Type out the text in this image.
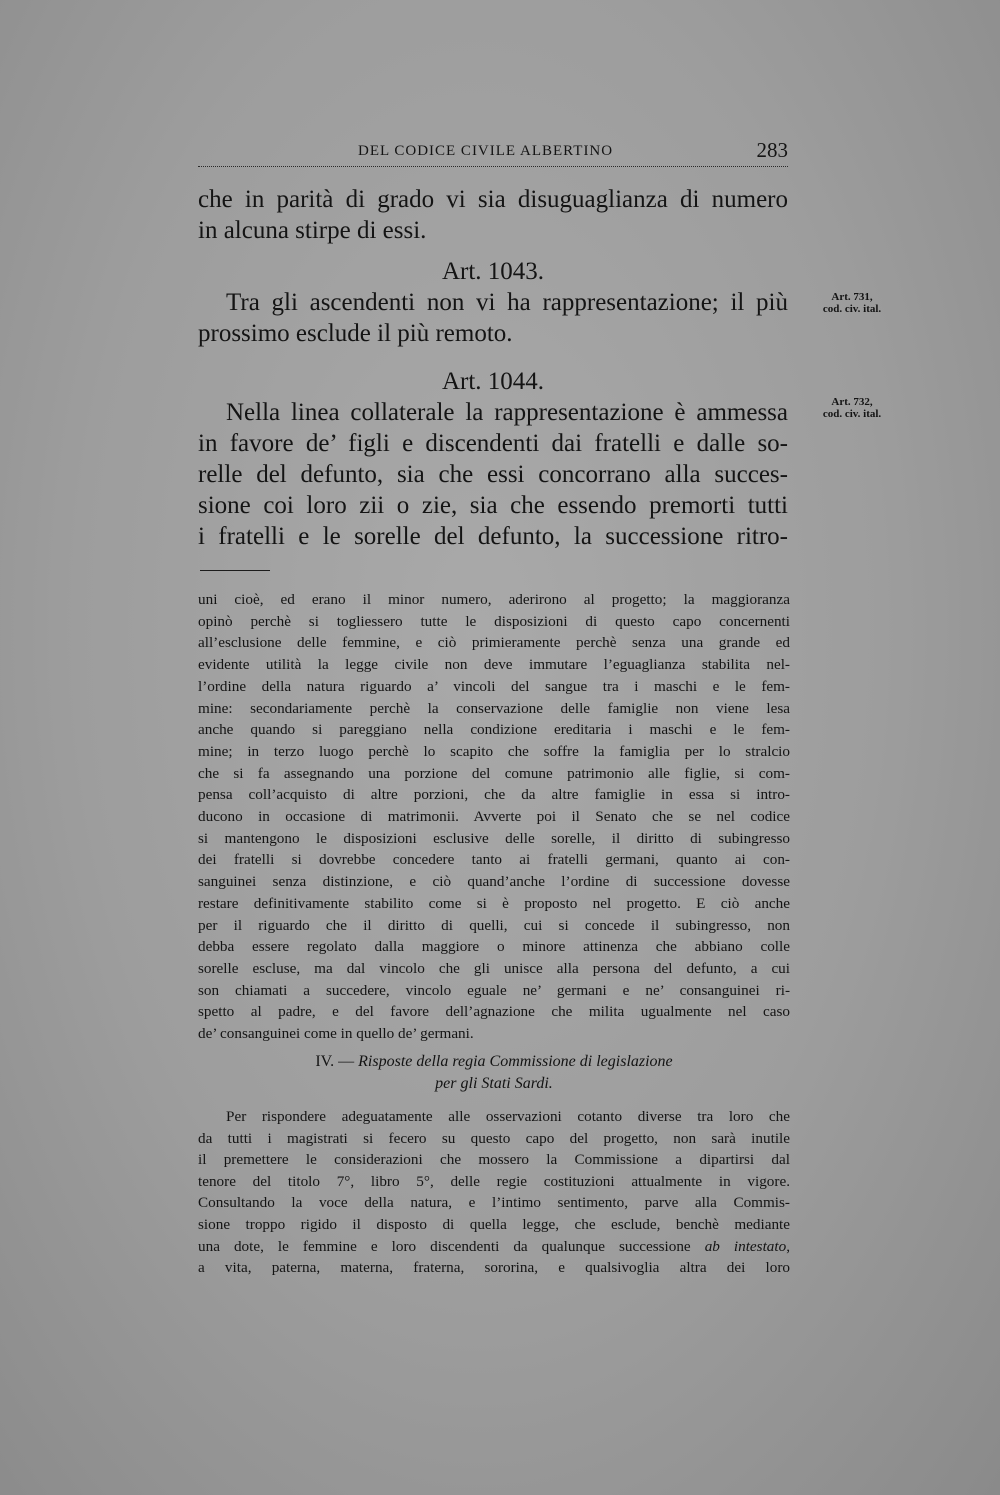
DEL CODICE CIVILE ALBERTINO	283
che in parità di grado vi sia disuguaglianza di numero
in alcuna stirpe di essi.
Art. 1043.
Tra gli ascendenti non vi ha rappresentazione; il più
prossimo esclude il più remoto.
Art. 731,
cod. civ. ital.
Art. 1044.
Nella linea collaterale la rappresentazione è ammessa
in favore de’ figli e discendenti dai fratelli e dalle so-
relle del defunto, sia che essi concorrano alla succes-
sione coi loro zii o zie, sia che essendo premorti tutti
i fratelli e le sorelle del defunto, la successione ritro-
Art. 732,
cod. civ. ital.
uni cioè, ed erano il minor numero, aderirono al progetto; la maggioranza
opinò perchè si togliessero tutte le disposizioni di questo capo concernenti
all’esclusione delle femmine, e ciò primieramente perchè senza una grande ed
evidente utilità la legge civile non deve immutare l’eguaglianza stabilita nel-
l’ordine della natura riguardo a’ vincoli del sangue tra i maschi e le fem-
mine: secondariamente perchè la conservazione delle famiglie non viene lesa
anche quando si pareggiano nella condizione ereditaria i maschi e le fem-
mine; in terzo luogo perchè lo scapito che soffre la famiglia per lo stralcio
che si fa assegnando una porzione del comune patrimonio alle figlie, si com-
pensa coll’acquisto di altre porzioni, che da altre famiglie in essa si intro-
ducono in occasione di matrimonii. Avverte poi il Senato che se nel codice
si mantengono le disposizioni esclusive delle sorelle, il diritto di subingresso
dei fratelli si dovrebbe concedere tanto ai fratelli germani, quanto ai con-
sanguinei senza distinzione, e ciò quand’anche l’ordine di successione dovesse
restare definitivamente stabilito come si è proposto nel progetto. E ciò anche
per il riguardo che il diritto di quelli, cui si concede il subingresso, non
debba essere regolato dalla maggiore o minore attinenza che abbiano colle
sorelle escluse, ma dal vincolo che gli unisce alla persona del defunto, a cui
son chiamati a succedere, vincolo eguale ne’ germani e ne’ consanguinei ri-
spetto al padre, e del favore dell’agnazione che milita ugualmente nel caso
de’ consanguinei come in quello de’ germani.
IV. — Risposte della regia Commissione di legislazione
per gli Stati Sardi.
Per rispondere adeguatamente alle osservazioni cotanto diverse tra loro che
da tutti i magistrati si fecero su questo capo del progetto, non sarà inutile
il premettere le considerazioni che mossero la Commissione a dipartirsi dal
tenore del titolo 7°, libro 5°, delle regie costituzioni attualmente in vigore.
Consultando la voce della natura, e l’intimo sentimento, parve alla Commis-
sione troppo rigido il disposto di quella legge, che esclude, benchè mediante
una dote, le femmine e loro discendenti da qualunque successione ab intestato,
a vita, paterna, materna, fraterna, sororina, e qualsivoglia altra dei loro
